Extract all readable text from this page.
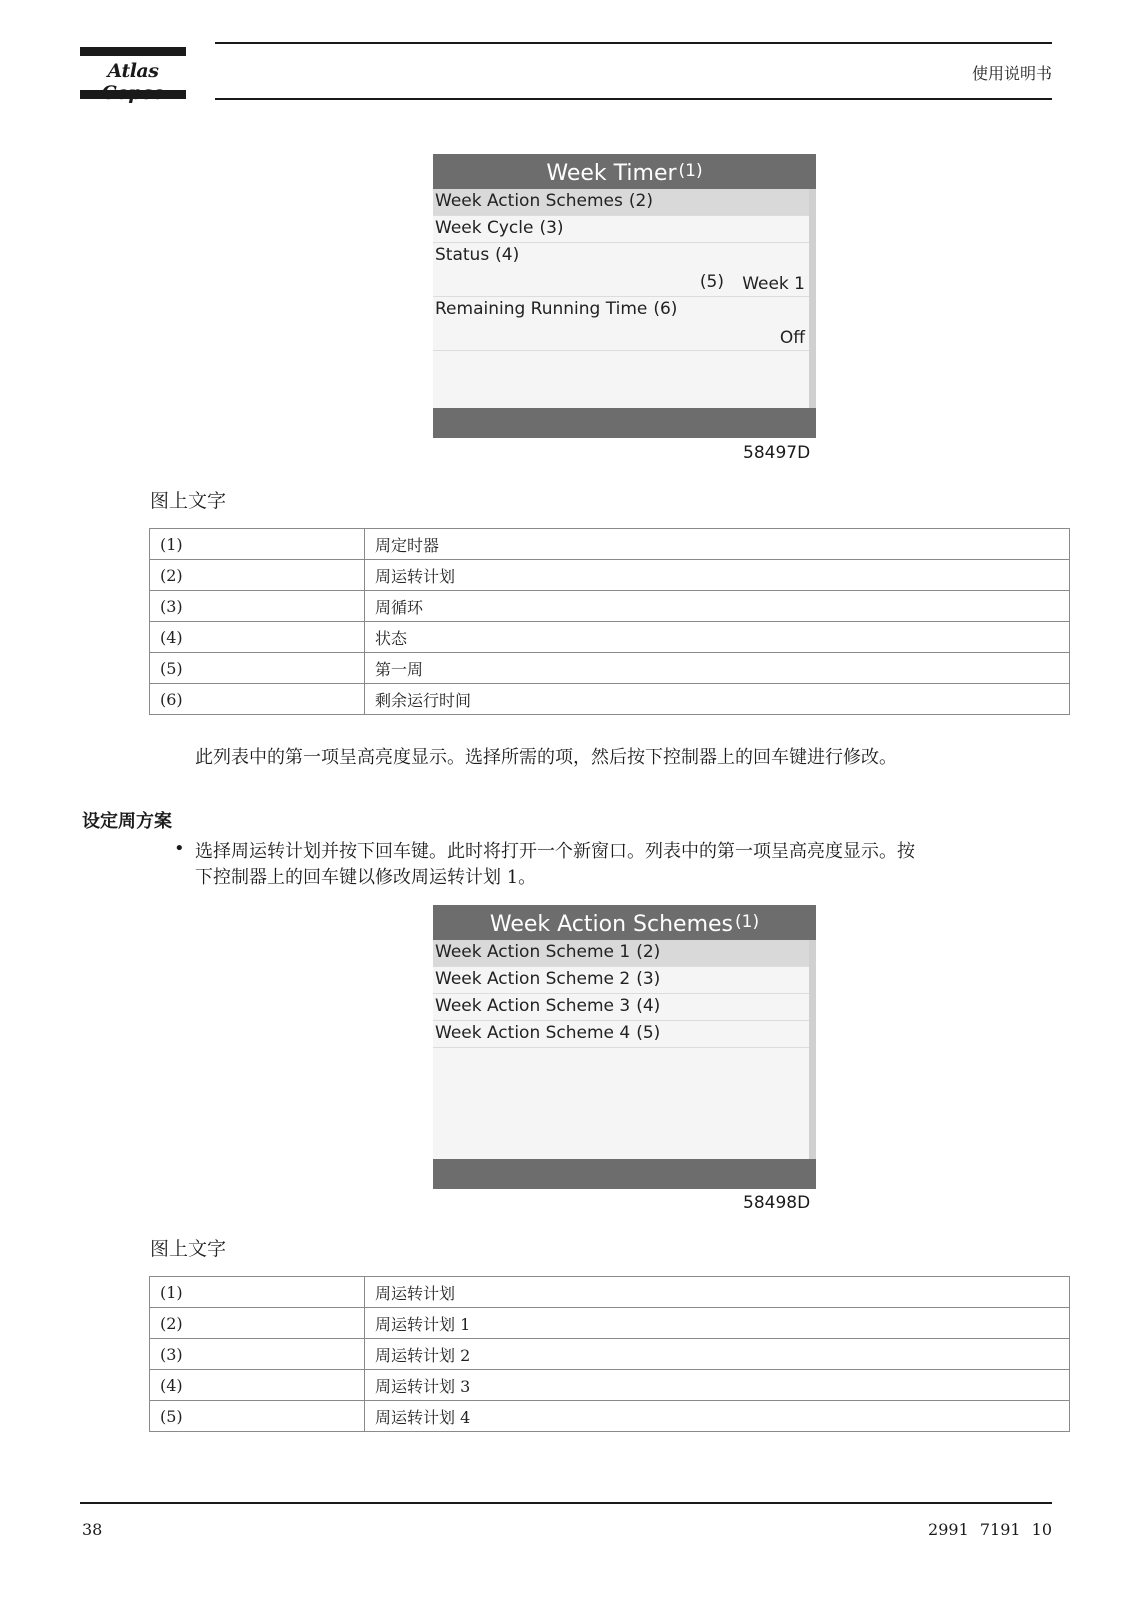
Atlas	使用说明书
Week Timer (1)
Week Action Schemes (2)
Week Cycle (3)
Status (4)
(5) Week 1
Remaining Running Time (6)
Off
58497D
图上文字
(1)	周定时器
(2)	周运转计划
(3)	周循环
(4)	状态
(5)	第一周
(6)	剩余运行时间
此列表中的第一项呈高亮度显示。选择所需的项，然后按下控制器上的回车键进行修改。
设定周方案
• 选择周运转计划并按下回车键。此时将打开一个新窗口。列表中的第一项呈高亮度显示。按
下控制器上的回车键以修改周运转计划 1。
Week Action Schemes (1)
Week Action Scheme 1 (2)
Week Action Scheme 2 (3)
Week Action Scheme 3 (4)
Week Action Scheme 4 (5)
58498D
图上文字
(1)	周运转计划
(2)	周运转计划 1
(3)	周运转计划 2
(4)	周运转计划 3
(5)	周运转计划 4
38	2991 7191 10
